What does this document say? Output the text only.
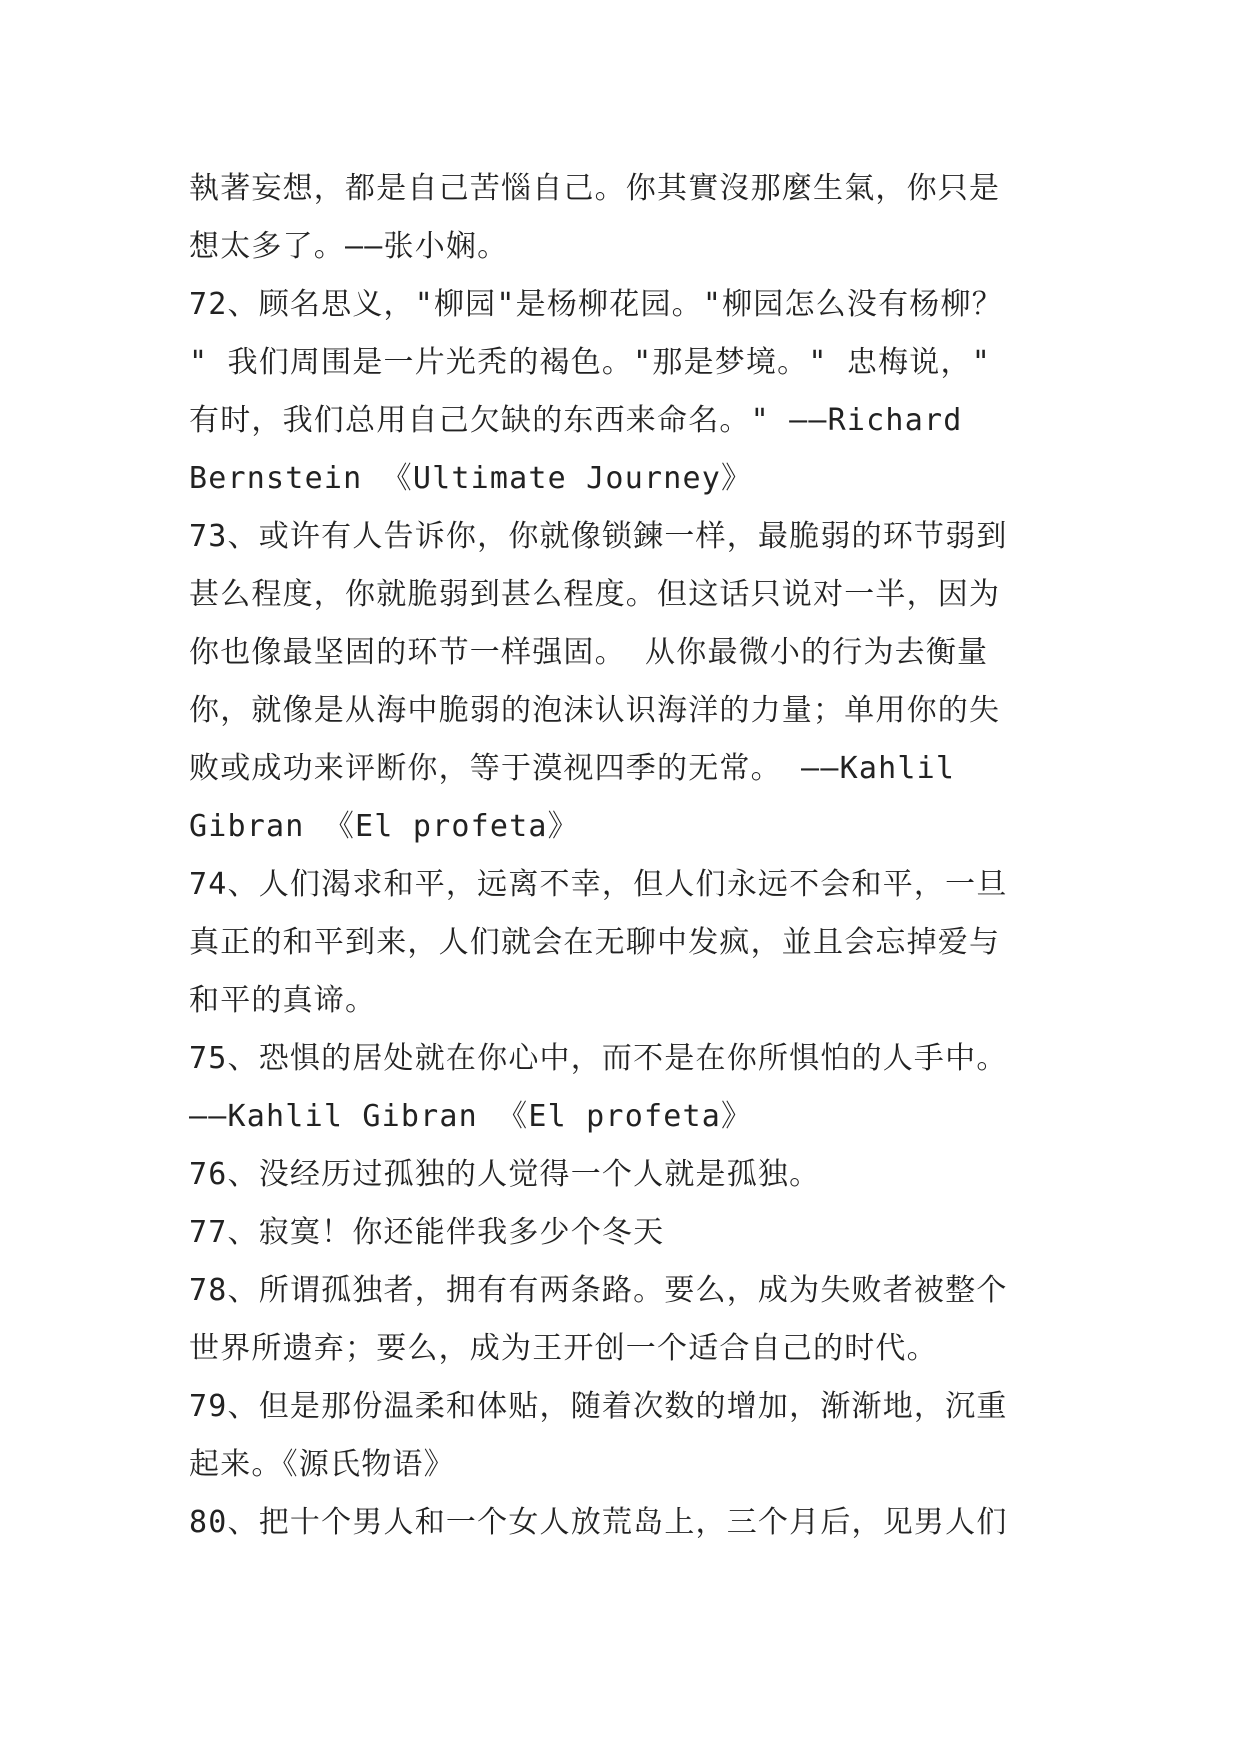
執著妄想，都是自己苦惱自己。你其實沒那麼生氣，你只是
想太多了。——张小娴。
72、顾名思义，"柳园"是杨柳花园。"柳园怎么没有杨柳？
" 我们周围是一片光秃的褐色。"那是梦境。" 忠梅说，"
有时，我们总用自己欠缺的东西来命名。" ——Richard
Bernstein 《Ultimate Journey》
73、或许有人告诉你，你就像锁鍊一样，最脆弱的环节弱到
甚么程度，你就脆弱到甚么程度。但这话只说对一半，因为
你也像最坚固的环节一样强固。 从你最微小的行为去衡量
你，就像是从海中脆弱的泡沫认识海洋的力量；单用你的失
败或成功来评断你，等于漠视四季的无常。 ——Kahlil
Gibran 《El profeta》
74、人们渴求和平，远离不幸，但人们永远不会和平，一旦
真正的和平到来，人们就会在无聊中发疯，並且会忘掉爱与
和平的真谛。
75、恐惧的居处就在你心中，而不是在你所惧怕的人手中。
——Kahlil Gibran 《El profeta》
76、没经历过孤独的人觉得一个人就是孤独。
77、寂寞！你还能伴我多少个冬天
78、所谓孤独者，拥有有两条路。要么，成为失败者被整个
世界所遗弃；要么，成为王开创一个适合自己的时代。
79、但是那份温柔和体贴，随着次数的增加，渐渐地，沉重
起来。《源氏物语》
80、把十个男人和一个女人放荒岛上，三个月后，见男人们
